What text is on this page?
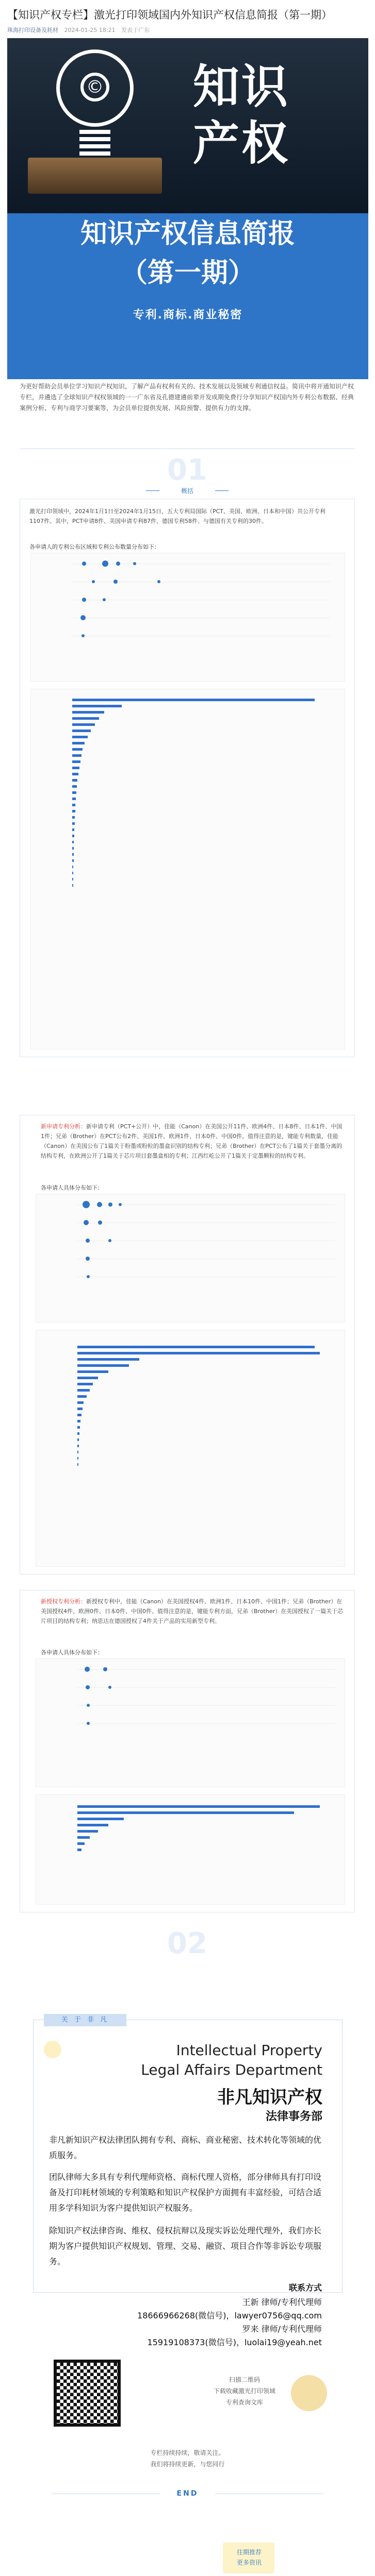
【知识产权专栏】激光打印领域国内外知识产权信息简报（第一期）
珠海打印设备及耗材 2024-01-25 18:21 发表于广东
© 知识产权
知识产权信息简报
（第一期）
专利.商标.商业秘密
为更好帮助会员单位学习知识产权知识，了解产品有权利有关的、技术发展以及领域专利通信权益。简讯中将开通知识产权专栏，并遴选了全球知识产权权领域的一一广东省及孔德建遴前辈开发成期免费行分享知识产权国内外专利公布数据、经典案例分析、专利与商学习要案等，为会员单位提供发展、风险预警、提供有力的支撑。
01
概括
激光打印领域中，2024年1月1日至2024年1月15日，五大专利局国际（PCT、美国、欧洲、日本和中国）共公开专利1107件。其中，PCT申请8件、美国申请专利87件、德国专利58件、与德国有关专利的30件。
各申请人的专利公布区域和专利公布数量分布如下：
新申请专利分析：新申请专利（PCT+公开）中，佳能（Canon）在美国公开11件、欧洲4件、日本8件、日本1件、中国1件；兄弟（Brother）在PCT公布2件、美国1件、欧洲1件、日本0件、中国0件。值得注意的是，键能专利数量，佳能（Canon）在美国公布了1篇关于粉墨或粉粒的墨盒识别的结构专利；兄弟（Brother）在PCT公布了1篇关于套墨分离的结构专利，在欧洲公开了1篇关于芯片项目套墨盒相的专利；江西红屹公开了1篇关于定墨颗粒的结构专利。
各申请人具体分布如下：
新授权专利分析：新授权专利中，佳能（Canon）在美国授权4件、欧洲1件、日本10件、中国1件；兄弟（Brother）在美国授权4件、欧洲0件、日本0件、中国0件。值得注意的是，键能专利方面，兄弟（Brother）在美国授权了一篇关于芯片项目的结构专利；纳思达在德国授权了4件关于产品的实用新型专利。
各申请人具体分布如下：
02
关 于 非 凡
Intellectual Property
Legal Affairs Department
非凡知识产权
法律事务部
非凡新知识产权法律团队拥有专利、商标、商业秘密、技术转化等领域的优质服务。
团队律师大多具有专利代理师资格、商标代理人资格，部分律师具有打印设备及打印耗材领域的专利策略和知识产权保护方面拥有丰富经验，可结合适用多学科知识为客户提供知识产权服务。
除知识产权法律咨询、维权、侵权抗辩以及现实诉讼处理代理外，我们亦长期为客户提供知识产权规划、管理、交易、融资、项目合作等非诉讼专项服务。
联系方式
王新 律师/专利代理师
18666966268(微信号)，lawyer0756@qq.com
罗来 律师/专利代理师
15919108373(微信号)，luolai19@yeah.net
扫描二维码
下载收藏激光打印领域
专利查询文库
专栏持续持续，敬请关注。
我们将持续更新，与您同行
END
往期推荐
更多资讯
